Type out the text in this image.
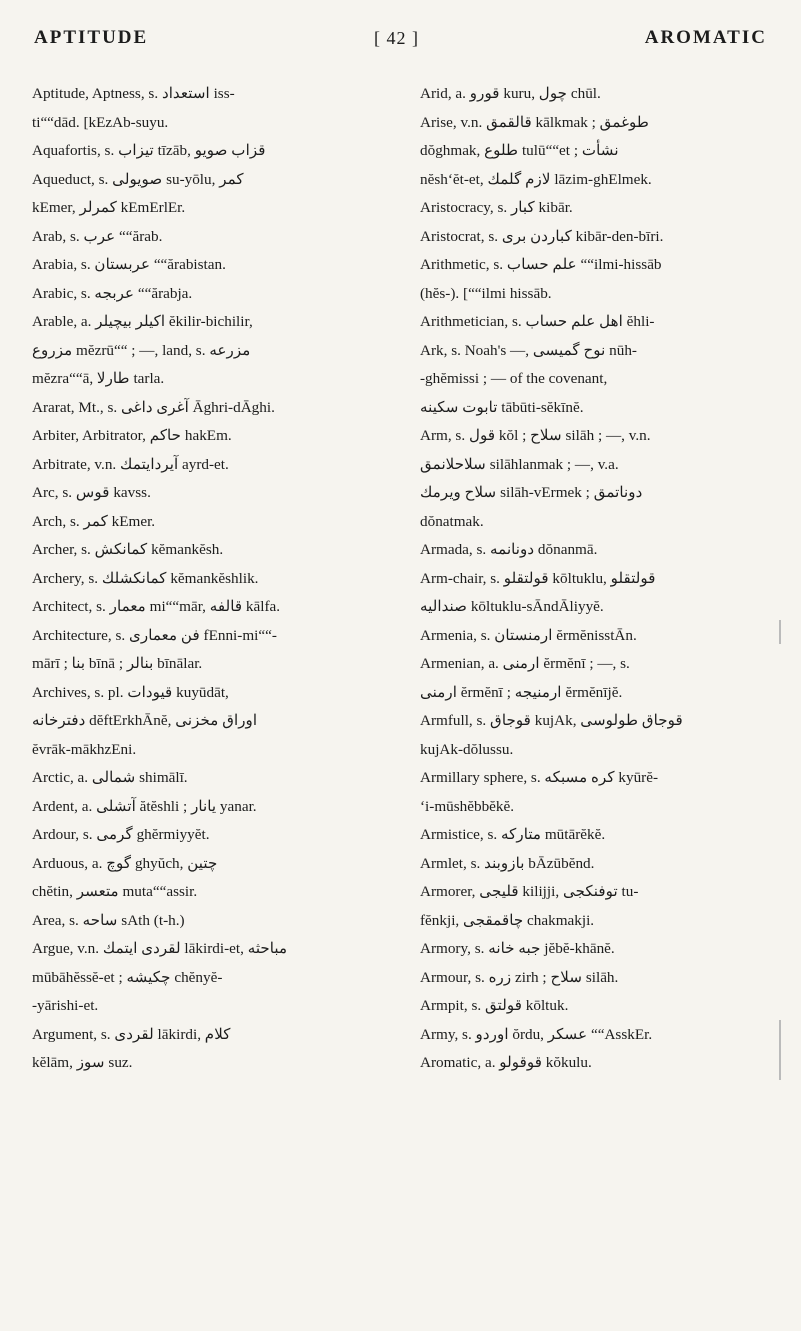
APTITUDE	[ 42 ]	AROMATIC

Aptitude, Aptness, s. ‎استعداد‎ iss-

ti““dād. [kEzAb-suyu.

Aquafortis, s. ‎تيزاب‎ tīzāb, ‎قزاب صويو‎

Aqueduct, s. ‎صويولى‎ su-yōlu, ‎كمر‎

kEmer, ‎كمرلر‎ kEmErlEr.

Arab, s. ‎عرب‎ ““ărab.

Arabia, s. ‎عربستان‎ ““ărabistan.

Arabic, s. ‎عربجه‎ ““ărabja.

Arable, a. ‎اكيلر بيچيلر‎ ĕkilir-bichilir,

‎مزروع‎ mĕzrū““ ; —, land, s. ‎مزرعه‎

mĕzra““ā, ‎طارلا‎ tarla.

Ararat, Mt., s. ‎آغرى داغى‎ Āghri-dĀghi.

Arbiter, Arbitrator, ‎حاكم‎ hakEm.

Arbitrate, v.n. ‎آيردايتمك‎ ayrd-et.

Arc, s. ‎قوس‎ kavss.

Arch, s. ‎كمر‎ kEmer.

Archer, s. ‎كمانكش‎ kĕmankĕsh.

Archery, s. ‎كمانكشلك‎ kĕmankĕshlik.

Architect, s. ‎معمار‎ mi““mār, ‎قالفه‎ kālfa.

Architecture, s. ‎فن معماری‎ fEnni-mi““-

mārī ; ‎بنا‎ bīnā ; ‎بنالر‎ bīnālar.

Archives, s. pl. ‎قيودات‎ kuyūdāt,

‎دفترخانه‎ dĕftErkhĀnĕ, ‎اوراق مخزنى‎

ĕvrāk-mākhzEni.

Arctic, a. ‎شمالى‎ shimālī.

Ardent, a. ‎آتشلى‎ ătĕshli ; ‎يانار‎ yanar.

Ardour, s. ‎گرمى‎ ghĕrmiyyĕt.

Arduous, a. ‎گوچ‎ ghyŭch, ‎چتين‎

chĕtin, ‎متعسر‎ muta““assir.

Area, s. ‎ساحه‎ sAth (t-h.)

Argue, v.n. ‎لقردى ايتمك‎ lākirdi-et, ‎مباحثه‎

mūbāhĕssĕ-et ; ‎چكيشه‎ chĕnyĕ-

-yārishi-et.

Argument, s. ‎لقردى‎ lākirdi, ‎كلام‎

kĕlām, ‎سوز‎ suz.

Arid, a. ‎قورو‎ kuru, ‎چول‎ chūl.

Arise, v.n. ‎قالقمق‎ kālkmak ; ‎طوغمق‎

dŏghmak, ‎طلوع‎ tulū““et ; ‎نشأت‎

nĕsh‘ĕt-et, ‎لازم گلمك‎ lāzim-ghElmek.

Aristocracy, s. ‎كبار‎ kibār.

Aristocrat, s. ‎كباردن برى‎ kibār-den-bīri.

Arithmetic, s. ‎علم حساب‎ ““ilmi-hissāb

(hĕs-). [““ilmi hissāb.

Arithmetician, s. ‎اهل علم حساب‎ ĕhli-

Ark, s. Noah's —, ‎نوح گميسى‎ nūh-

-ghĕmissi ; — of the covenant,

‎تابوت سكينه‎ tābūti-sĕkīnĕ.

Arm, s. ‎قول‎ kŏl ; ‎سلاح‎ silāh ; —, v.n.

‎سلاحلانمق‎ silāhlanmak ; —, v.a.

‎سلاح ويرمك‎ silāh-vErmek ; ‎دوناتمق‎

dŏnatmak.

Armada, s. ‎دونانمه‎ dŏnanmā.

Arm-chair, s. ‎قولتقلو‎ kōltuklu, ‎قولتقلو‎

‎صندالیه‎ kōltuklu-sĀndĀliyyĕ.

Armenia, s. ‎ارمنستان‎ ĕrmĕnisstĀn.

Armenian, a. ‎ارمنى‎ ĕrmĕnī ; —, s.

‎ارمنى‎ ĕrmĕnī ; ‎ارمنيجه‎ ĕrmĕnījĕ.

Armfull, s. ‎قوجاق‎ kujAk, ‎قوجاق طولوسى‎

kujAk-dŏlussu.

Armillary sphere, s. ‎كره مسبكه‎ kyūrĕ-

‘i-mūshĕbbĕkĕ.

Armistice, s. ‎متاركه‎ mūtārĕkĕ.

Armlet, s. ‎بازوبند‎ bĀzūbĕnd.

Armorer, ‎قليجى‎ kilijji, ‎توفنكجى‎ tu-

fĕnkji, ‎چاقمقجى‎ chakmakji.

Armory, s. ‎جبه خانه‎ jĕbĕ-khānĕ.

Armour, s. ‎زره‎ zirh ; ‎سلاح‎ silāh.

Armpit, s. ‎قولتق‎ kōltuk.

Army, s. ‎اوردو‎ ŏrdu, ‎عسكر‎ ““AsskEr.

Aromatic, a. ‎قوقولو‎ kŏkulu.
